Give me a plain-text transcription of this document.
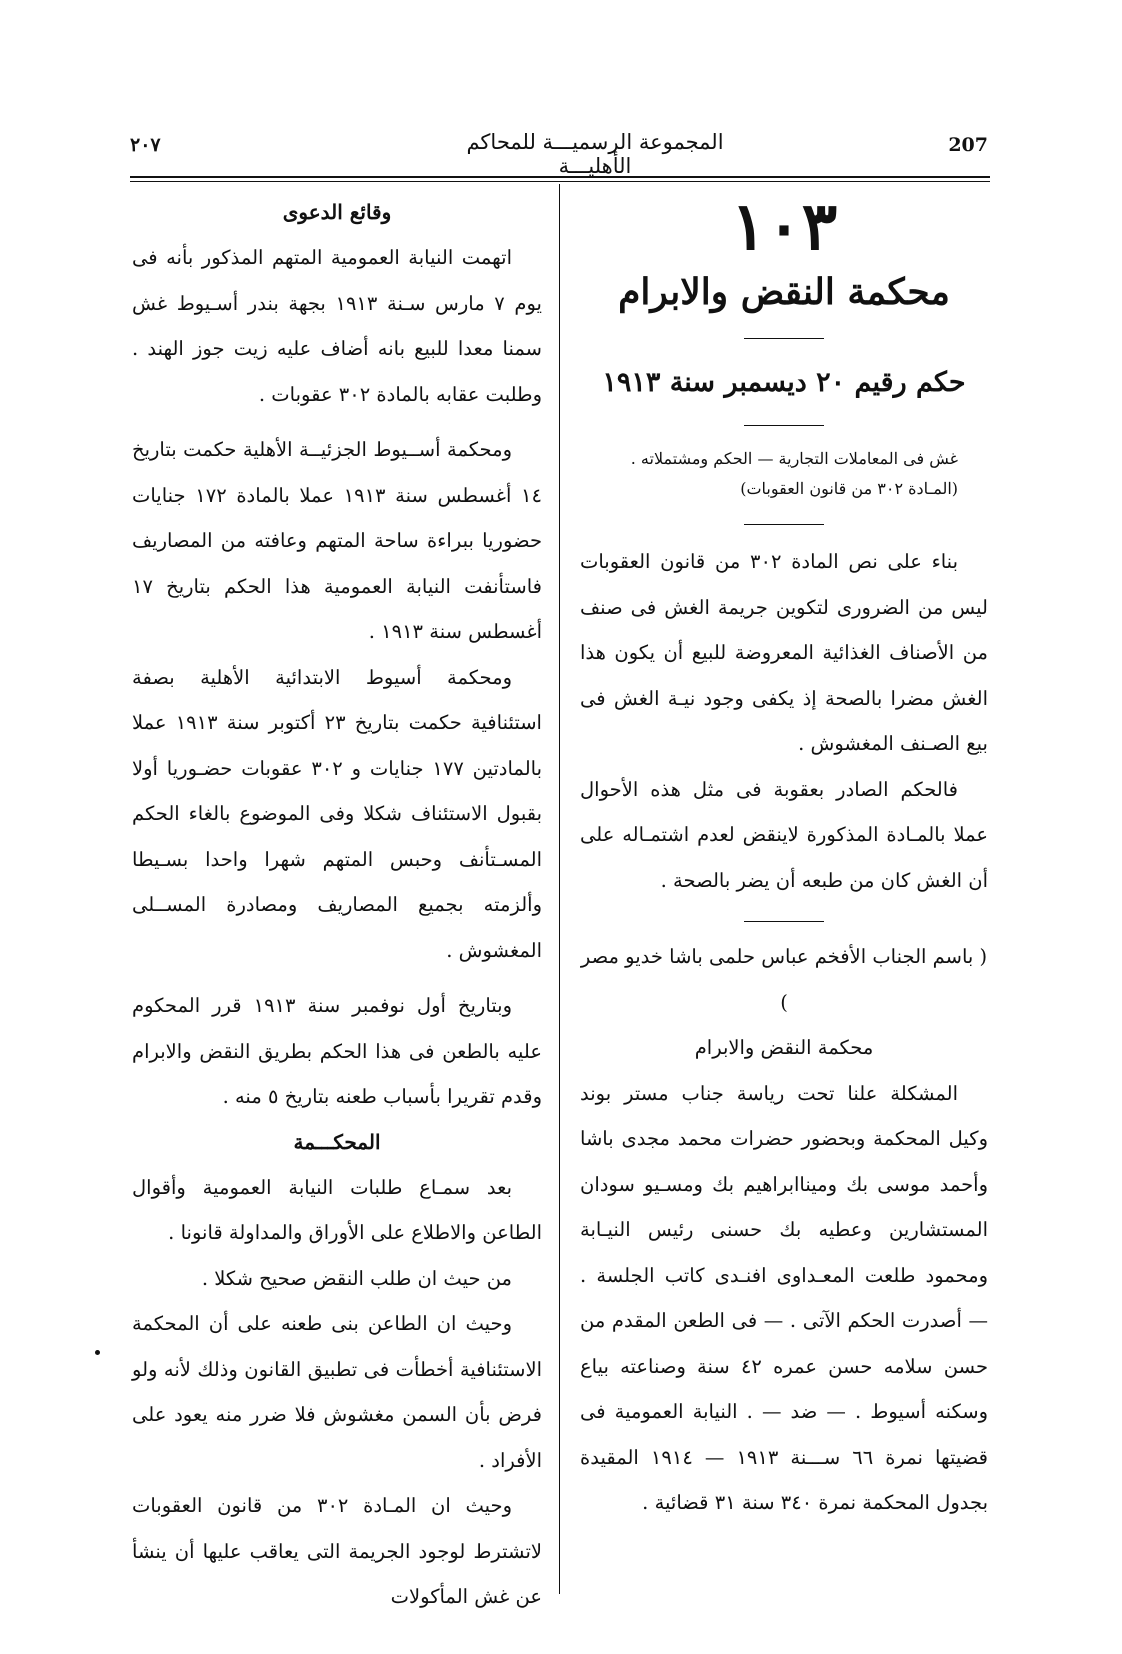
٢٠٧	المجموعة الرسميـــة للمحاكم الأهليـــة
207
١٠٣
محكمة النقض والابرام
حكم رقيم ٢٠ ديسمبر سنة ١٩١٣
غش فى المعاملات التجارية — الحكم ومشتملاته .
(المـادة ٣٠٢ من قانون العقوبات)

بناء على نص المادة ٣٠٢ من قانون العقوبات ليس من الضرورى لتكوين جريمة الغش فى صنف من الأصناف الغذائية المعروضة للبيع أن يكون هذا الغش مضرا بالصحة إذ يكفى وجود نيـة الغش فى بيع الصـنف المغشوش .

فالحكم الصادر بعقوبة فى مثل هذه الأحوال عملا بالمـادة المذكورة لاينقض لعدم اشتمـاله على أن الغش كان من طبعه أن يضر بالصحة .

( باسم الجناب الأفخم عباس حلمى باشا خديو مصر )
محكمة النقض والابرام

المشكلة علنا تحت رياسة جناب مستر بوند وكيل المحكمة وبحضور حضرات محمد مجدى باشا وأحمد موسى بك وميناابراهيم بك ومسـيو سودان المستشارين وعطيه بك حسنى رئيس النيـابة ومحمود طلعت المعـداوى افنـدى كاتب الجلسة . — أصدرت الحكم الآتى . — فى الطعن المقدم من حسن سلامه حسن عمره ٤٢ سنة وصناعته بياع وسكنه أسيوط . — ضد — . النيابة العمومية فى قضيتها نمرة ٦٦ ســـنة ١٩١٣ — ١٩١٤ المقيدة بجدول المحكمة نمرة ٣٤٠ سنة ٣١ قضائية .

وقائع الدعوى

اتهمت النيابة العمومية المتهم المذكور بأنه فى يوم ٧ مارس سـنة ١٩١٣ بجهة بندر أسـيوط غش سمنا معدا للبيع بانه أضاف عليه زيت جوز الهند . وطلبت عقابه بالمادة ٣٠٢ عقوبات .

ومحكمة أســيوط الجزئيــة الأهلية حكمت بتاريخ ١٤ أغسطس سنة ١٩١٣ عملا بالمادة ١٧٢ جنايات حضوريا ببراءة ساحة المتهم وعافته من المصاريف فاستأنفت النيابة العمومية هذا الحكم بتاريخ ١٧ أغسطس سنة ١٩١٣ .

ومحكمة أسيوط الابتدائية الأهلية بصفة استئنافية حكمت بتاريخ ٢٣ أكتوبر سنة ١٩١٣ عملا بالمادتين ١٧٧ جنايات و ٣٠٢ عقوبات حضـوريا أولا بقبول الاستئناف شكلا وفى الموضوع بالغاء الحكم المسـتأنف وحبس المتهم شهرا واحدا بسـيطا وألزمته بجميع المصاريف ومصادرة المســلى المغشوش .

وبتاريخ أول نوفمبر سنة ١٩١٣ قرر المحكوم عليه بالطعن فى هذا الحكم بطريق النقض والابرام وقدم تقريرا بأسباب طعنه بتاريخ ٥ منه .

المحكـــمة

بعد سمـاع طلبات النيابة العمومية وأقوال الطاعن والاطلاع على الأوراق والمداولة قانونا .

من حيث ان طلب النقض صحيح شكلا .

وحيث ان الطاعن بنى طعنه على أن المحكمة الاستئنافية أخطأت فى تطبيق القانون وذلك لأنه ولو فرض بأن السمن مغشوش فلا ضرر منه يعود على الأفراد .

وحيث ان المـادة ٣٠٢ من قانون العقوبات لاتشترط لوجود الجريمة التى يعاقب عليها أن ينشأ عن غش المأكولات
